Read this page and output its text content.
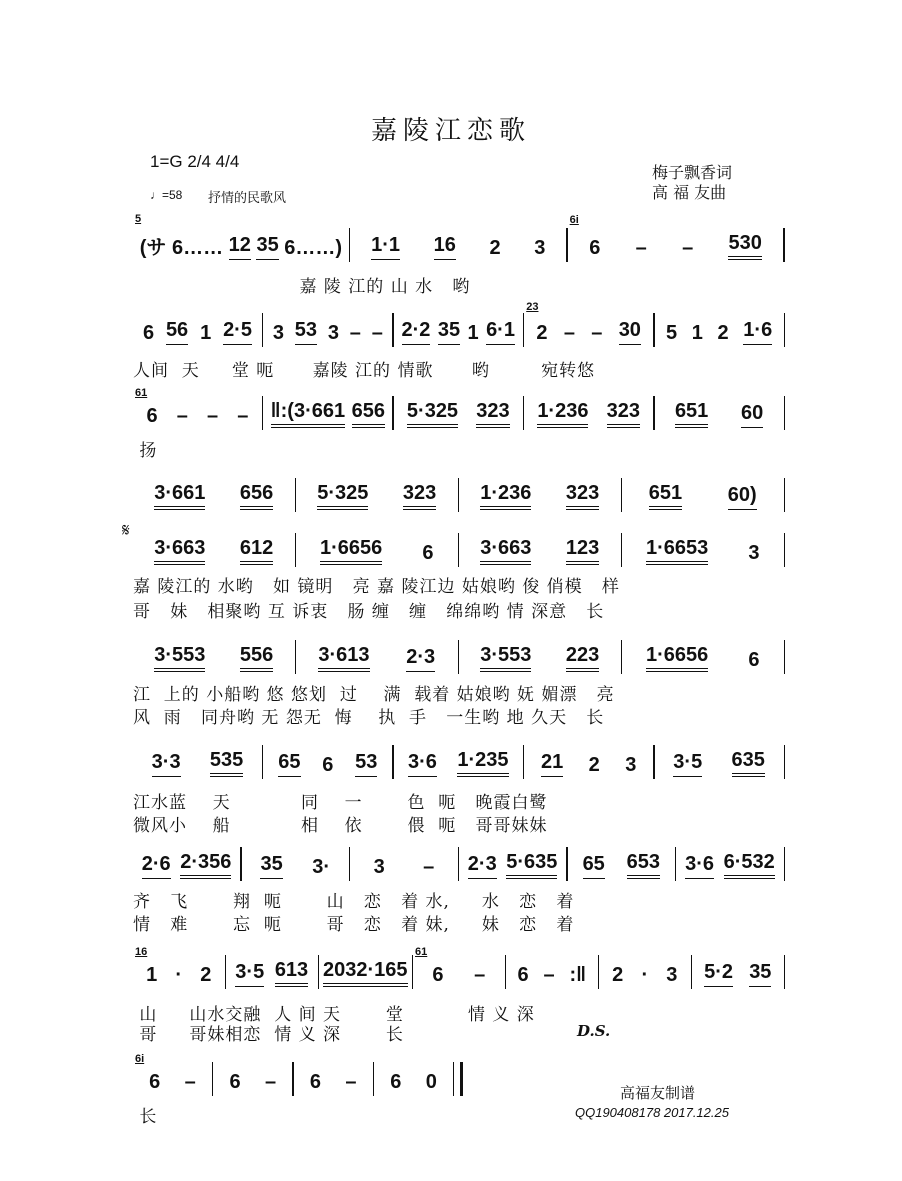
嘉陵江恋歌
1=G 2/4 4/4
♩=58 抒情的民歌风
梅子飘香词
高 福 友曲
𝄋
D.S.
高福友制谱
QQ190408178 2017.12.25
5
(サ 6…… 12 35 6……) 1·1 16 2 3
6i
6 – – 530
嘉 陵 江的 山 水   哟
6 56 1 2·5 3 53 3 – – 2·2 35 1 6·1
23
2 – – 30 5 1 2 1·6
人间  天     堂 呃      嘉陵 江的 情歌      哟        宛转悠
61
6 – – – ‖:(3·661 656 5·325 323 1·236 323 651 60
扬
3·661 656 5·325 323 1·236 323 651 60)
3·663 612 1·6656 6 3·663 123 1·6653 3
嘉 陵江的 水哟   如 镜明   亮 嘉 陵江边 姑娘哟 俊 俏模   样
哥   妹   相聚哟 互 诉衷   肠 缠   缠   绵绵哟 情 深意   长
3·553 556 3·613 2·3 3·553 223 1·6656 6
江  上的 小船哟 悠 悠划  过    满  载着 姑娘哟 妩 媚漂   亮
风  雨   同舟哟 无 怨无  悔    执  手   一生哟 地 久天   长
3·3 535 65 6 53 3·6 1·235 21 2 3 3·5 635
江水蓝    天           同    一       色  呃   晚霞白鹭
微风小    船           相    依       偎  呃   哥哥妹妹
2·6 2·356 35 3· 3 – 2·3 5·635 65 653 3·6 6·532
齐   飞       翔  呃       山   恋   着 水,     水   恋   着
情   难       忘  呃       哥   恋   着 妹,     妹   恋   着
16
1 · 2 3·5 613 203 2·165
61
6 – 6 – :‖ 2 · 3 5·2 35
山     山水交融  人 间 天       堂          情 义 深
哥     哥妹相恋  情 义 深       长
6i
6 – 6 – 6 – 6 0
长
